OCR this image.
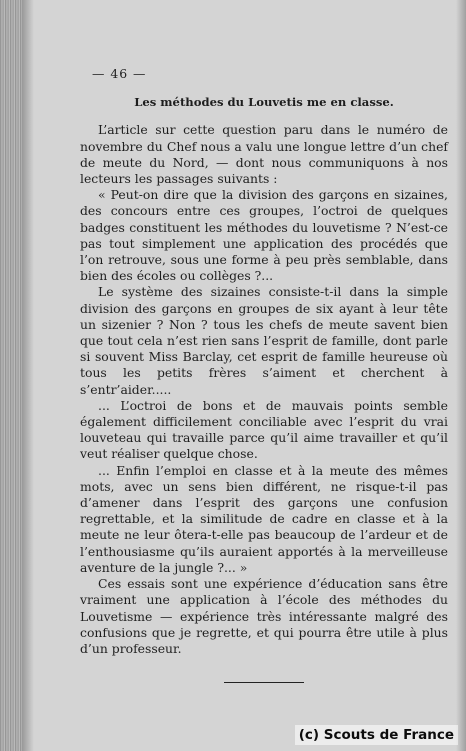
— 46 —
Les méthodes du Louvetis me en classe.

L’article sur cette question paru dans le numéro de novembre du Chef nous a valu une longue lettre d’un chef de meute du Nord, — dont nous communiquons à nos lecteurs les passages suivants :

« Peut-on dire que la division des garçons en sizaines, des concours entre ces groupes, l’octroi de quelques badges constituent les méthodes du louvetisme ? N’est-ce pas tout simplement une application des procédés que l’on retrouve, sous une forme à peu près semblable, dans bien des écoles ou collèges ?...

Le système des sizaines consiste-t-il dans la simple division des garçons en groupes de six ayant à leur tête un sizenier ? Non ? tous les chefs de meute savent bien que tout cela n’est rien sans l’esprit de famille, dont parle si souvent Miss Barclay, cet esprit de famille heureuse où tous les petits frères s’aiment et cherchent à s’entr’aider.....

... L’octroi de bons et de mauvais points semble également difficilement conciliable avec l’esprit du vrai louveteau qui travaille parce qu’il aime travailler et qu’il veut réaliser quelque chose.

... Enfin l’emploi en classe et à la meute des mêmes mots, avec un sens bien différent, ne risque-t-il pas d’amener dans l’esprit des garçons une confusion regrettable, et la similitude de cadre en classe et à la meute ne leur ôtera-t-elle pas beaucoup de l’ardeur et de l’enthousiasme qu’ils auraient apportés à la merveilleuse aventure de la jungle ?... »

Ces essais sont une expérience d’éducation sans être vraiment une application à l’école des méthodes du Louvetisme — expérience très intéressante malgré des confusions que je regrette, et qui pourra être utile à plus d’un professeur.

(c) Scouts de France
